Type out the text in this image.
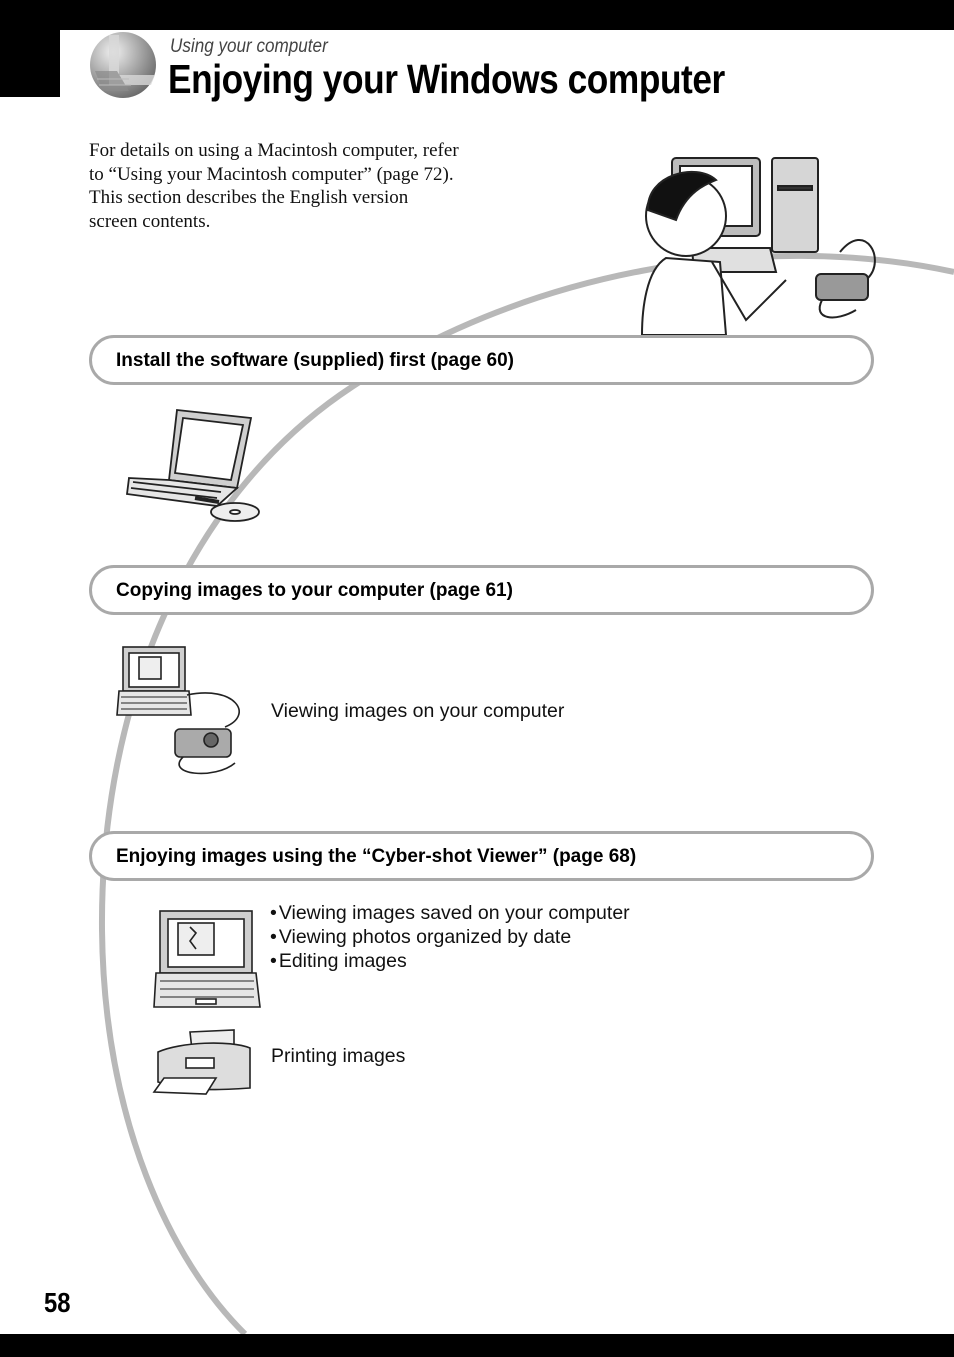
Using your computer
Enjoying your Windows computer

For details on using a Macintosh computer, refer to “Using your Macintosh computer” (page 72).

This section describes the English version screen contents.

Install the software (supplied) first (page 60)
Copying images to your computer (page 61)
Viewing images on your computer
Enjoying images using the “Cyber-shot Viewer” (page 68)
• Viewing images saved on your computer
• Viewing photos organized by date
• Editing images
Printing images
58
